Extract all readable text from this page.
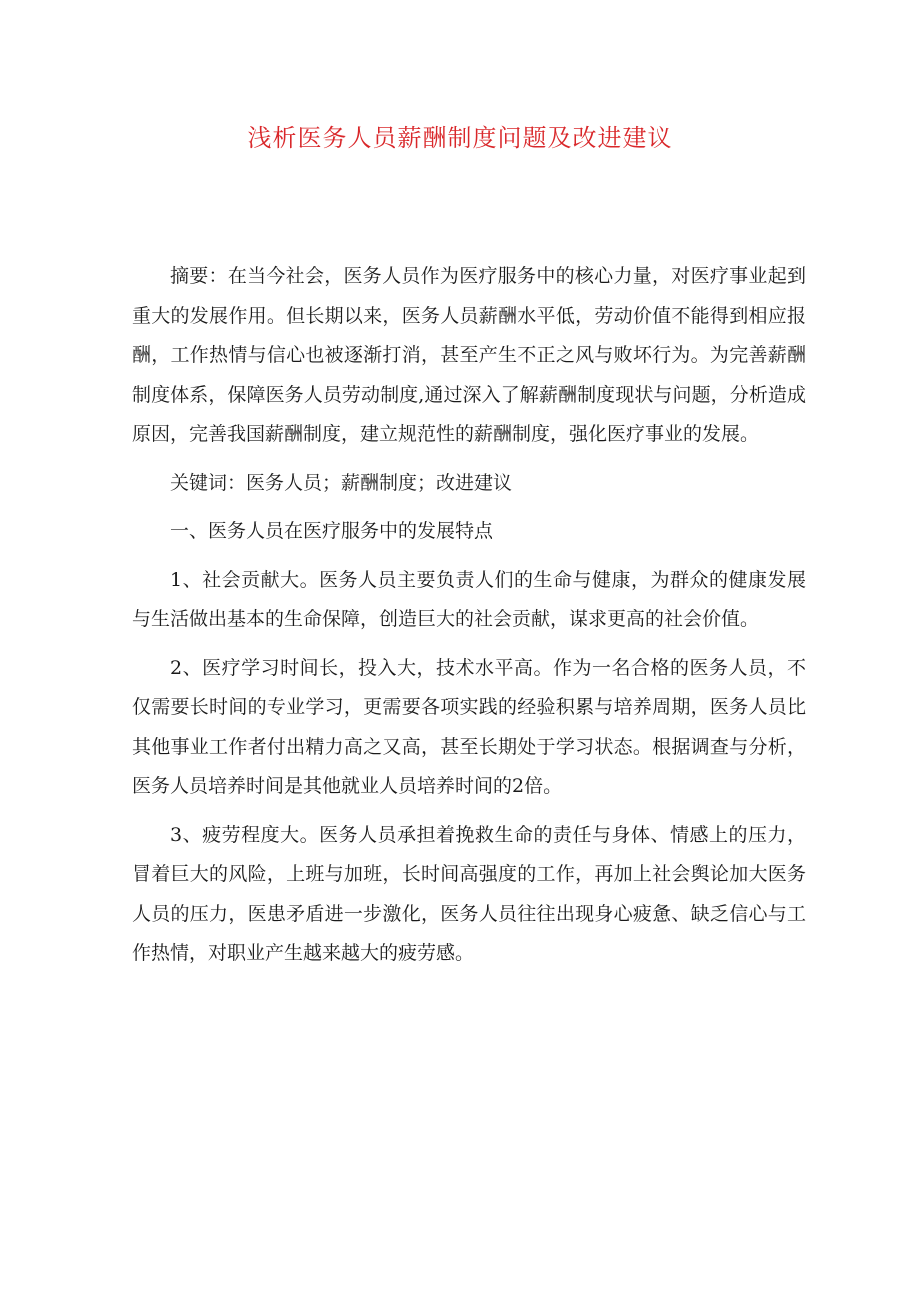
浅析医务人员薪酬制度问题及改进建议

摘要：在当今社会，医务人员作为医疗服务中的核心力量，对医疗事业起到重大的发展作用。但长期以来，医务人员薪酬水平低，劳动价值不能得到相应报酬，工作热情与信心也被逐渐打消，甚至产生不正之风与败坏行为。为完善薪酬制度体系，保障医务人员劳动制度,通过深入了解薪酬制度现状与问题，分析造成原因，完善我国薪酬制度，建立规范性的薪酬制度，强化医疗事业的发展。

关键词：医务人员；薪酬制度；改进建议

一、医务人员在医疗服务中的发展特点

1、社会贡献大。医务人员主要负责人们的生命与健康，为群众的健康发展与生活做出基本的生命保障，创造巨大的社会贡献，谋求更高的社会价值。

2、医疗学习时间长，投入大，技术水平高。作为一名合格的医务人员，不仅需要长时间的专业学习，更需要各项实践的经验积累与培养周期，医务人员比其他事业工作者付出精力高之又高，甚至长期处于学习状态。根据调查与分析，医务人员培养时间是其他就业人员培养时间的2倍。

3、疲劳程度大。医务人员承担着挽救生命的责任与身体、情感上的压力，冒着巨大的风险，上班与加班，长时间高强度的工作，再加上社会舆论加大医务人员的压力，医患矛盾进一步激化，医务人员往往出现身心疲惫、缺乏信心与工作热情，对职业产生越来越大的疲劳感。
